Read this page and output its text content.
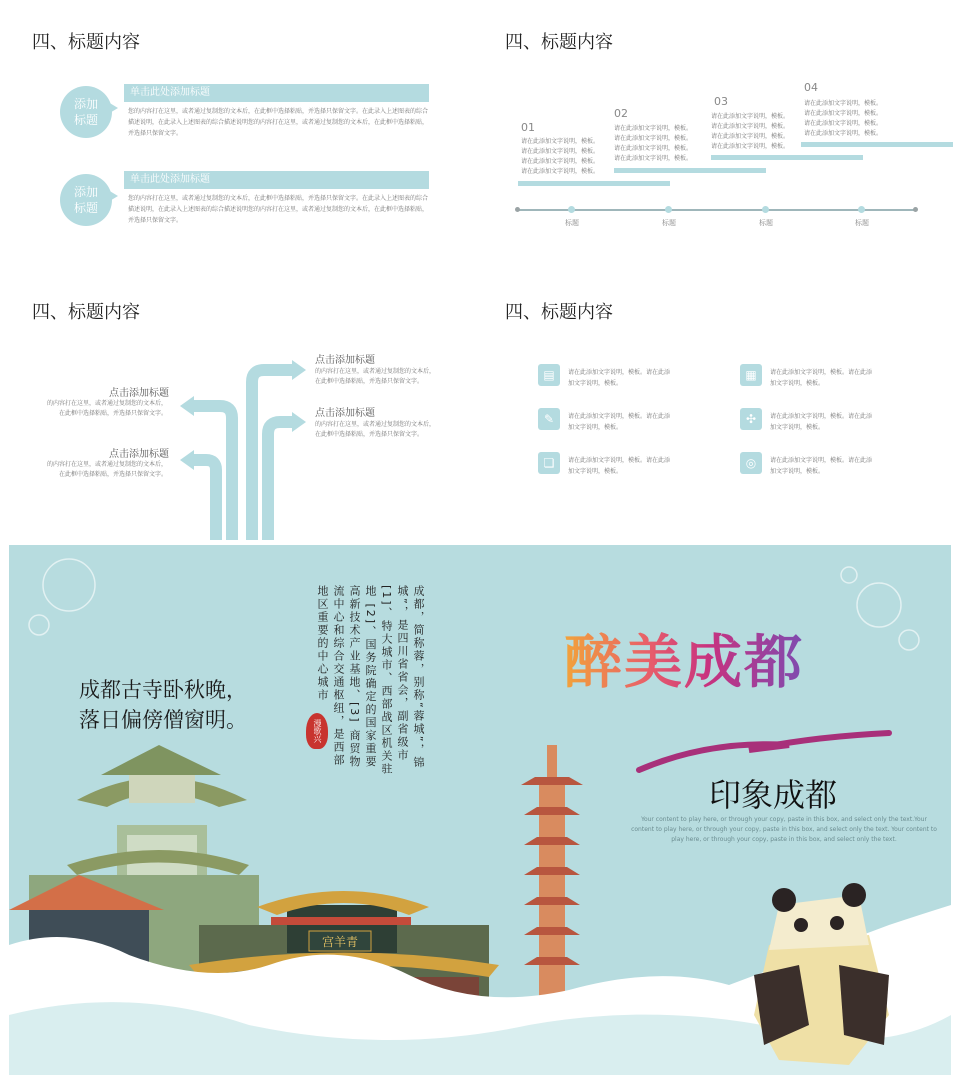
四、标题内容
添加
标题
单击此处添加标题
您的内容打在这里，或者通过复制您的文本后，在此框中选择粘贴，并选择只保留文字。在此录入上述图表的综合描述说明，在此录入上述图表的综合描述说明您的内容打在这里，或者通过复制您的文本后，在此框中选择粘贴，并选择只保留文字。
添加
标题
单击此处添加标题
您的内容打在这里，或者通过复制您的文本后，在此框中选择粘贴，并选择只保留文字。在此录入上述图表的综合描述说明，在此录入上述图表的综合描述说明您的内容打在这里，或者通过复制您的文本后，在此框中选择粘贴，并选择只保留文字。
四、标题内容
01
请在此添加文字说明，模板。
请在此添加文字说明，模板。
请在此添加文字说明，模板。
请在此添加文字说明，模板。
02
请在此添加文字说明，模板。
请在此添加文字说明，模板。
请在此添加文字说明，模板。
请在此添加文字说明，模板。
03
请在此添加文字说明，模板。
请在此添加文字说明，模板。
请在此添加文字说明，模板。
请在此添加文字说明，模板。
04
请在此添加文字说明，模板。
请在此添加文字说明，模板。
请在此添加文字说明，模板。
请在此添加文字说明，模板。
标题	标题	标题	标题
四、标题内容
点击添加标题
的内容打在这里，或者通过复制您的文本后，
在此框中选择粘贴，并选择只保留文字。
点击添加标题
的内容打在这里，或者通过复制您的文本后，
在此框中选择粘贴，并选择只保留文字。	点击添加标题
的内容打在这里，或者通过复制您的文本后，
在此框中选择粘贴，并选择只保留文字。
点击添加标题
的内容打在这里，或者通过复制您的文本后，
在此框中选择粘贴，并选择只保留文字。
四、标题内容
▤	请在此添加文字说明，模板。请在此添
加文字说明，模板。
▦	请在此添加文字说明，模板。请在此添
加文字说明，模板。
✎	请在此添加文字说明，模板。请在此添
加文字说明，模板。
✣	请在此添加文字说明，模板。请在此添
加文字说明，模板。
❏	请在此添加文字说明，模板。请在此添
加文字说明，模板。
◎	请在此添加文字说明，模板。请在此添
加文字说明，模板。
宫羊青
成都古寺卧秋晚，
落日偏傍僧窗明。	成都，简称蓉，别称“蓉城”，锦
城”，是四川省省会，副省级市
[1]、特大城市、西部战区机关驻
地 [2]、国务院确定的国家重要
高新技术产业基地、[3] 商贸物
流中心和综合交通枢纽，是西部
地区重要的中心城市
漫歌兴
醉美成都
印象成都
Your content to play here, or through your copy, paste in this box, and select only the text.Your content to play here, or through your copy, paste in this box, and select only the text. Your content to play here, or through your copy, paste in this box, and select only the text.
